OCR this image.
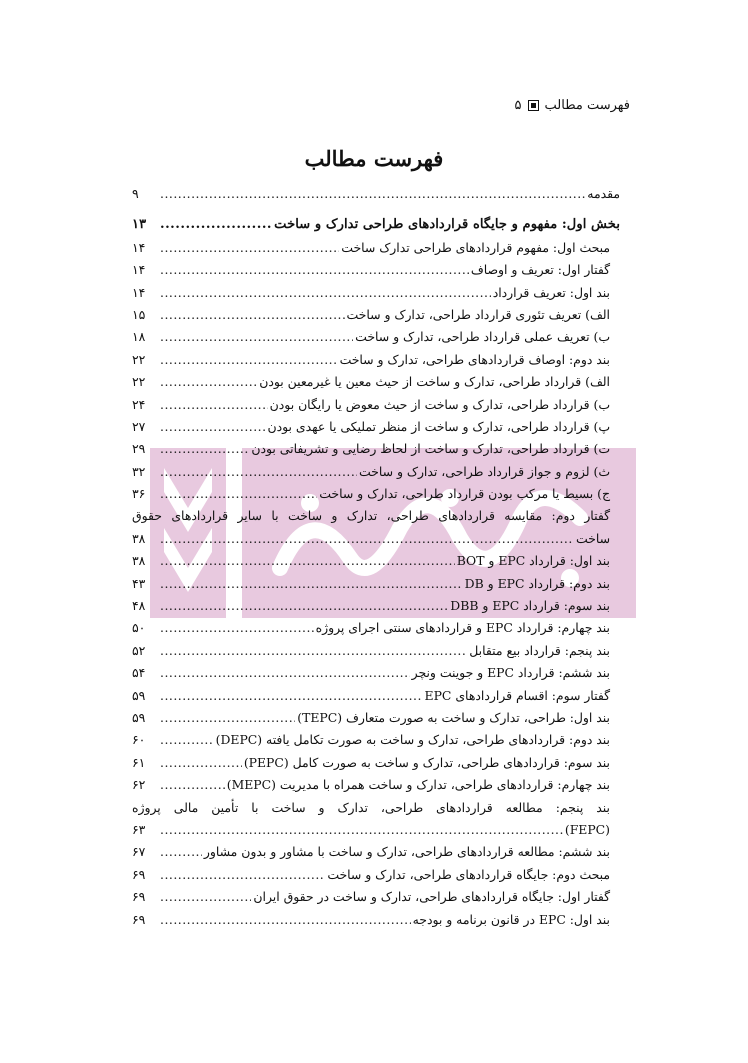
فهرست مطالب
۵
فهرست مطالب
مقدمه
.....
۹
بخش اول: مفهوم و جایگاه قراردادهای طراحی تدارک و ساخت
.....
۱۳
مبحث اول: مفهوم قراردادهای طراحی تدارک ساخت
.....
۱۴
گفتار اول: تعریف و اوصاف
.....
۱۴
بند اول: تعریف قرارداد
.....
۱۴
الف) تعریف تئوری قرارداد طراحی، تدارک و ساخت
.....
۱۵
ب) تعریف عملی قرارداد طراحی، تدارک و ساخت
.....
۱۸
بند دوم: اوصاف قراردادهای طراحی، تدارک و ساخت
.....
۲۲
الف) قرارداد طراحی، تدارک و ساخت از حیث معین یا غیرمعین بودن
.....
۲۲
ب) قرارداد طراحی، تدارک و ساخت از حیث معوض یا رایگان بودن
.....
۲۴
پ) قرارداد طراحی، تدارک و ساخت از منظر تملیکی یا عهدی بودن
.....
۲۷
ت) قرارداد طراحی، تدارک و ساخت از لحاظ رضایی و تشریفاتی بودن
.....
۲۹
ث) لزوم و جواز قرارداد طراحی، تدارک و ساخت
.....
۳۲
ج) بسیط یا مرکب بودن قرارداد طراحی، تدارک و ساخت
.....
۳۶
گفتار دوم: مقایسه قراردادهای طراحی، تدارک و ساخت با سایر قراردادهای حقوق
ساخت
.....
۳۸
بند اول: قرارداد EPC و BOT
.....
۳۸
بند دوم: قرارداد EPC و DB
.....
۴۳
بند سوم: قرارداد EPC و DBB
.....
۴۸
بند چهارم: قرارداد EPC و قراردادهای سنتی اجرای پروژه
.....
۵۰
بند پنجم: قرارداد بیع متقابل
.....
۵۲
بند ششم: قرارداد EPC و جوینت ونچر
.....
۵۴
گفتار سوم: اقسام قراردادهای EPC
.....
۵۹
بند اول: طراحی، تدارک و ساخت به صورت متعارف (TEPC)
.....
۵۹
بند دوم: قراردادهای طراحی، تدارک و ساخت به صورت تکامل یافته (DEPC)
.....
۶۰
بند سوم: قراردادهای طراحی، تدارک و ساخت به صورت کامل (PEPC)
.....
۶۱
بند چهارم: قراردادهای طراحی، تدارک و ساخت همراه با مدیریت (MEPC)
.....
۶۲
بند پنجم: مطالعه قراردادهای طراحی، تدارک و ساخت با تأمین مالی پروژه
(FEPC)
.....
۶۳
بند ششم: مطالعه قراردادهای طراحی، تدارک و ساخت با مشاور و بدون مشاور
.....
۶۷
مبحث دوم: جایگاه قراردادهای طراحی، تدارک و ساخت
.....
۶۹
گفتار اول: جایگاه قراردادهای طراحی، تدارک و ساخت در حقوق ایران
.....
۶۹
بند اول: EPC در قانون برنامه و بودجه
.....
۶۹
